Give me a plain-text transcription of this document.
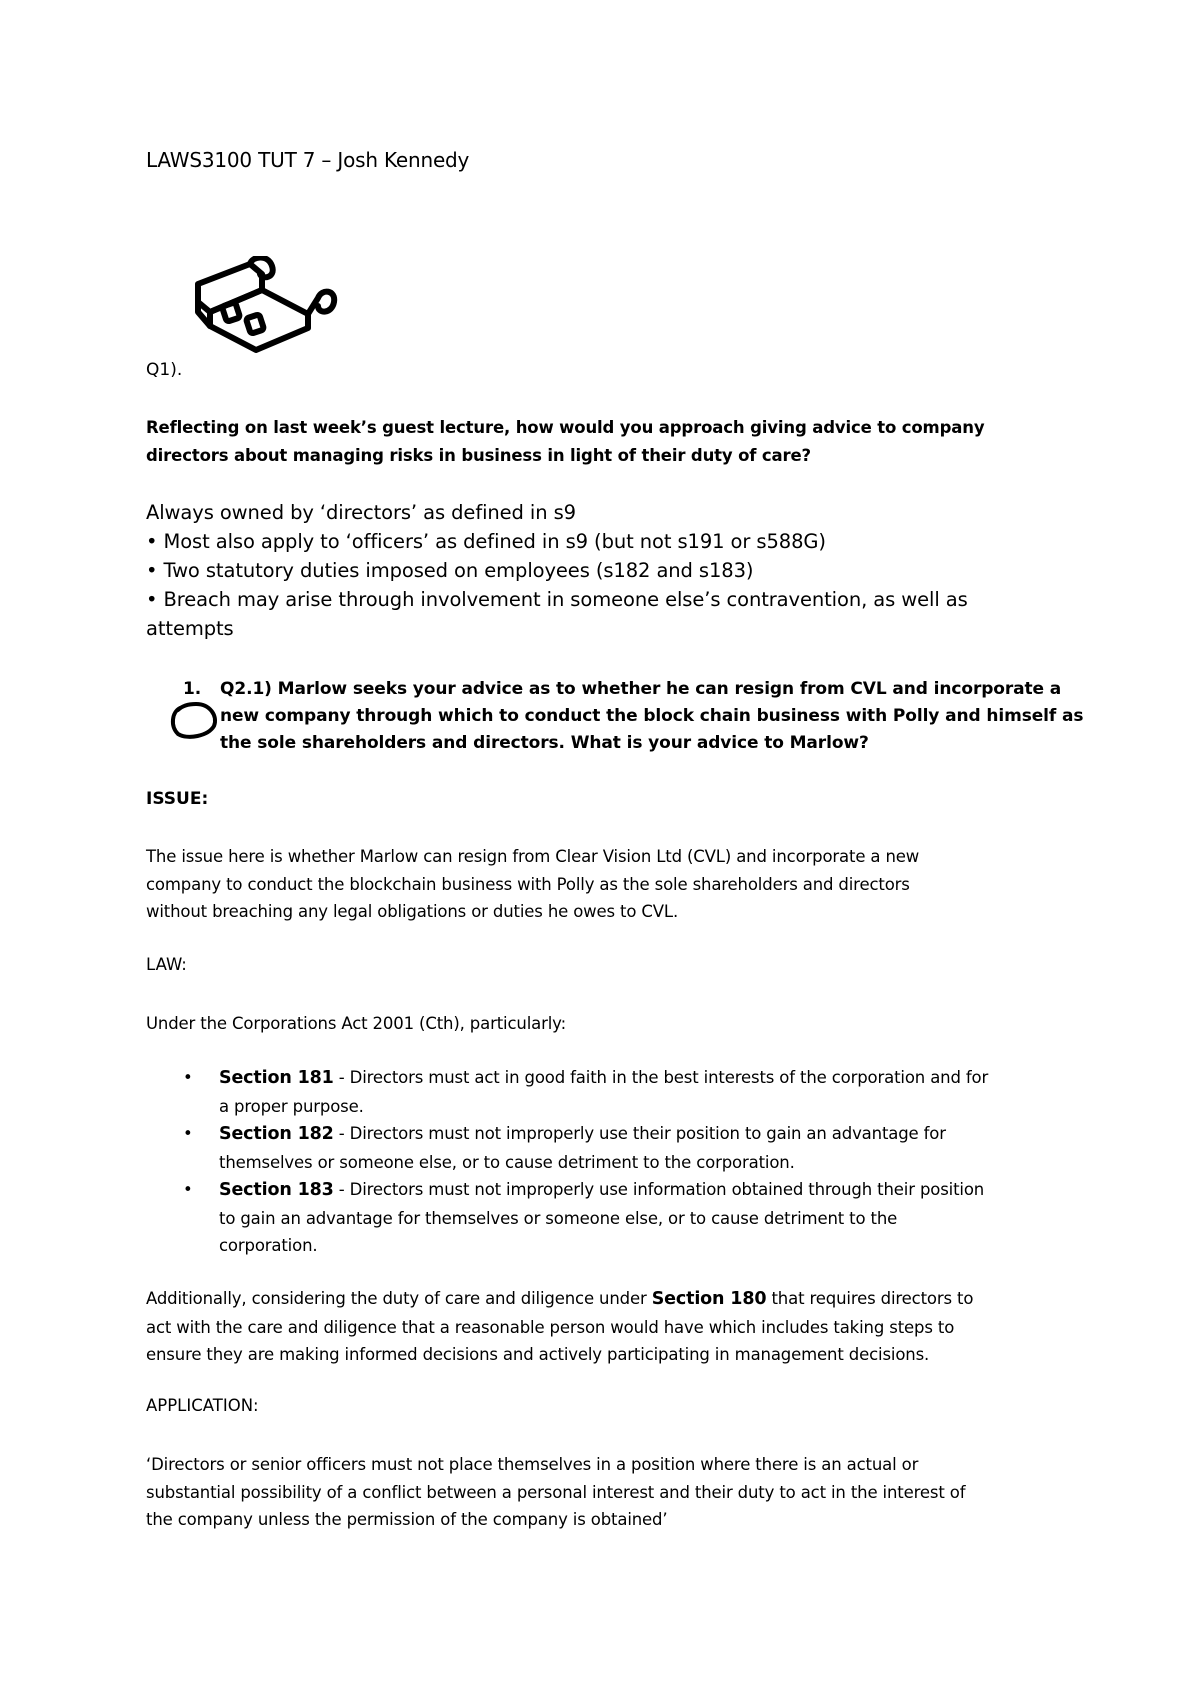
LAWS3100 TUT 7 – Josh Kennedy
Q1).
Reflecting on last week’s guest lecture, how would you approach giving advice to company
directors about managing risks in business in light of their duty of care?
Always owned by ‘directors’ as defined in s9
• Most also apply to ‘officers’ as defined in s9 (but not s191 or s588G)
• Two statutory duties imposed on employees (s182 and s183)
• Breach may arise through involvement in someone else’s contravention, as well as
attempts
1. Q2.1) Marlow seeks your advice as to whether he can resign from CVL and incorporate a
new company through which to conduct the block chain business with Polly and himself as
the sole shareholders and directors. What is your advice to Marlow?
ISSUE:
The issue here is whether Marlow can resign from Clear Vision Ltd (CVL) and incorporate a new
company to conduct the blockchain business with Polly as the sole shareholders and directors
without breaching any legal obligations or duties he owes to CVL.
LAW:
Under the Corporations Act 2001 (Cth), particularly:
• Section 181 - Directors must act in good faith in the best interests of the corporation and for
a proper purpose.
• Section 182 - Directors must not improperly use their position to gain an advantage for
themselves or someone else, or to cause detriment to the corporation.
• Section 183 - Directors must not improperly use information obtained through their position
to gain an advantage for themselves or someone else, or to cause detriment to the
corporation.
Additionally, considering the duty of care and diligence under Section 180 that requires directors to
act with the care and diligence that a reasonable person would have which includes taking steps to
ensure they are making informed decisions and actively participating in management decisions.
APPLICATION:
‘Directors or senior officers must not place themselves in a position where there is an actual or
substantial possibility of a conflict between a personal interest and their duty to act in the interest of
the company unless the permission of the company is obtained’
